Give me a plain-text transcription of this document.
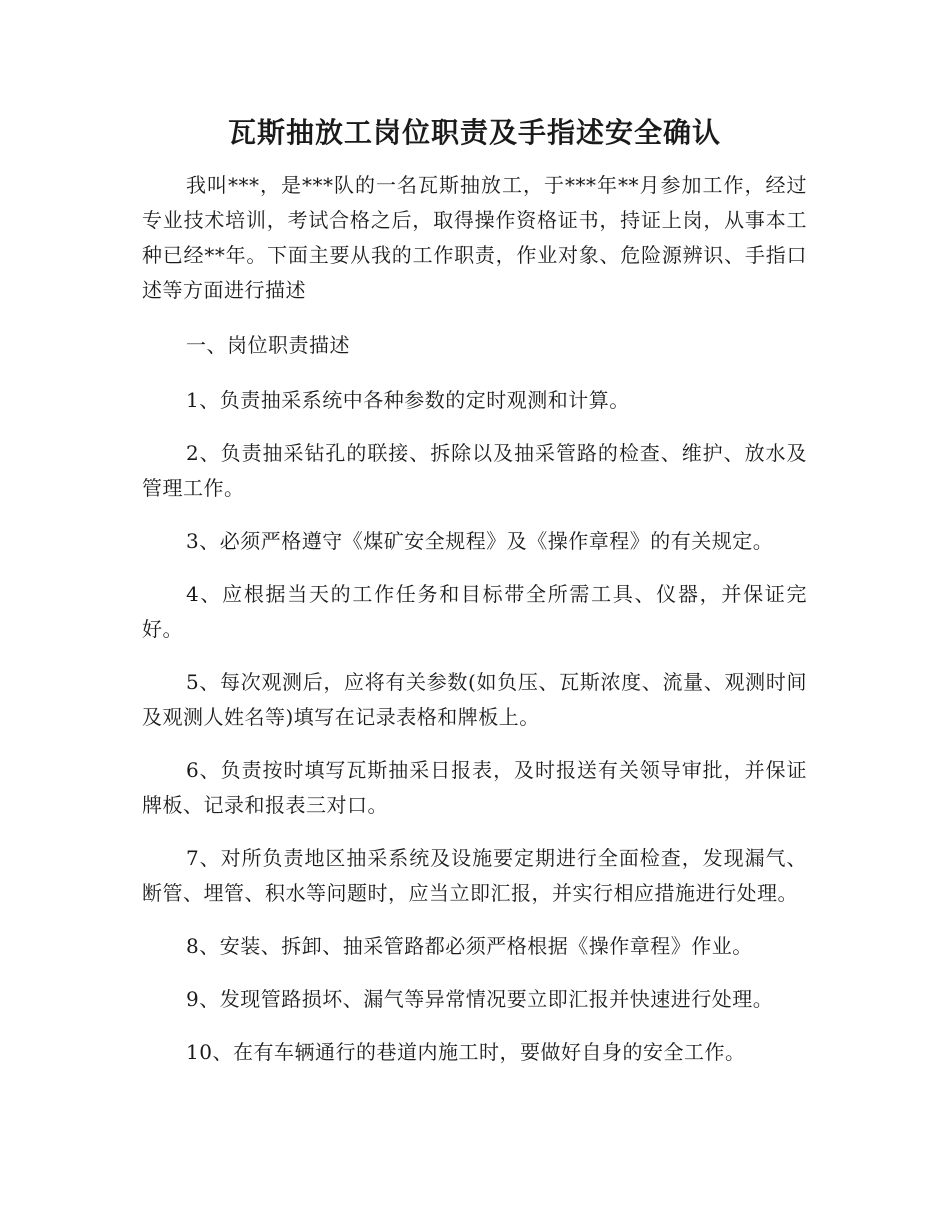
瓦斯抽放工岗位职责及手指述安全确认

我叫***，是***队的一名瓦斯抽放工，于***年**月参加工作，经过专业技术培训，考试合格之后，取得操作资格证书，持证上岗，从事本工种已经**年。下面主要从我的工作职责，作业对象、危险源辨识、手指口述等方面进行描述

一、岗位职责描述

1、负责抽采系统中各种参数的定时观测和计算。

2、负责抽采钻孔的联接、拆除以及抽采管路的检查、维护、放水及管理工作。

3、必须严格遵守《煤矿安全规程》及《操作章程》的有关规定。

4、应根据当天的工作任务和目标带全所需工具、仪器，并保证完好。

5、每次观测后，应将有关参数(如负压、瓦斯浓度、流量、观测时间及观测人姓名等)填写在记录表格和牌板上。

6、负责按时填写瓦斯抽采日报表，及时报送有关领导审批，并保证牌板、记录和报表三对口。

7、对所负责地区抽采系统及设施要定期进行全面检查，发现漏气、断管、埋管、积水等问题时，应当立即汇报，并实行相应措施进行处理。

8、安装、拆卸、抽采管路都必须严格根据《操作章程》作业。

9、发现管路损坏、漏气等异常情况要立即汇报并快速进行处理。

10、在有车辆通行的巷道内施工时，要做好自身的安全工作。
